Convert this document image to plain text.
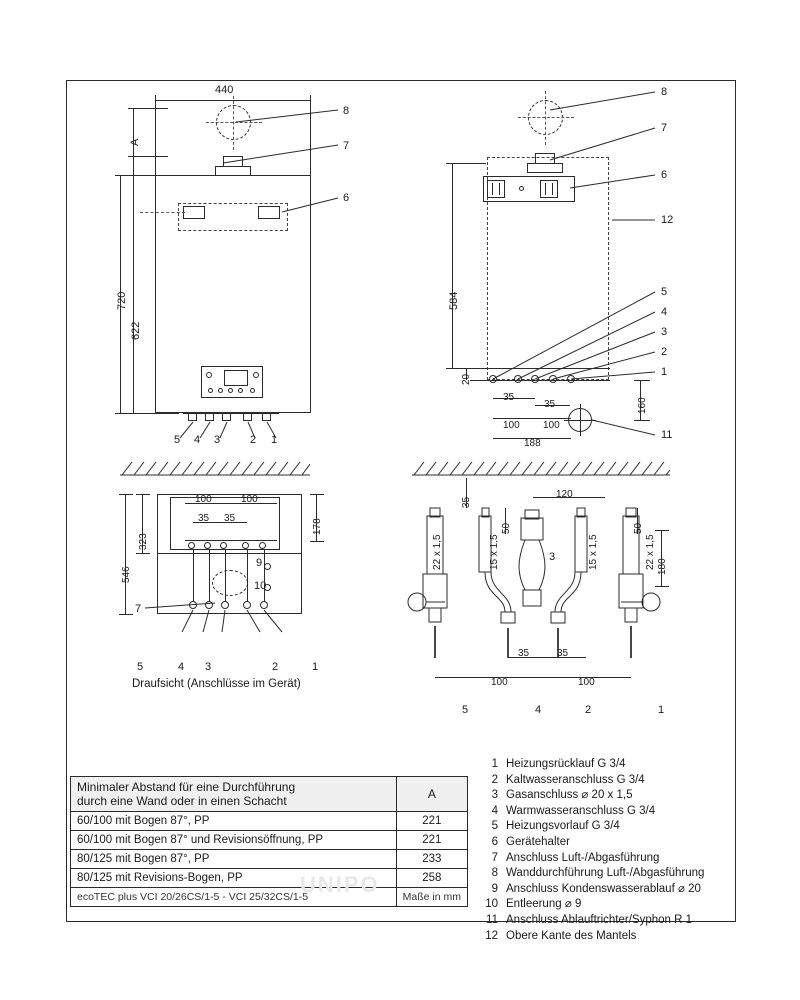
440
720
622
A
8
7
6
5 4 3	2 1
584
20
160
35
35
100 100
188
8
7
6
12
5
4
3
2
1
11
100	100
35 35	178
323
546
9
10
7
5	4 3	2	1
Draufsicht (Anschlüsse im Gerät)
120
35
50	50
22 x 1,5	15 x 1,5	15 x 1,5	22 x 1,5
3
180
35	35
100	100
5	4	2	1
Minimaler Abstand für eine Durchführung
durch eine Wand oder in einen Schacht	A
60/100 mit Bogen 87°, PP	221
60/100 mit Bogen 87° und Revisionsöffnung, PP	221
80/125 mit Bogen 87°, PP	233
80/125 mit Revisions-Bogen, PP	258
ecoTEC plus VCI 20/26CS/1-5 - VCI 25/32CS/1-5	Maße in mm
UNIPO
1 Heizungsrücklauf G 3/4
2 Kaltwasseranschluss G 3/4
3 Gasanschluss ⌀ 20 x 1,5
4 Warmwasseranschluss G 3/4
5 Heizungsvorlauf G 3/4
6 Gerätehalter
7 Anschluss Luft-/Abgasführung
8 Wanddurchführung Luft-/Abgasführung
9 Anschluss Kondenswasserablauf ⌀ 20
10 Entleerung ⌀ 9
11 Anschluss Ablauftrichter/Syphon R 1
12 Obere Kante des Mantels
